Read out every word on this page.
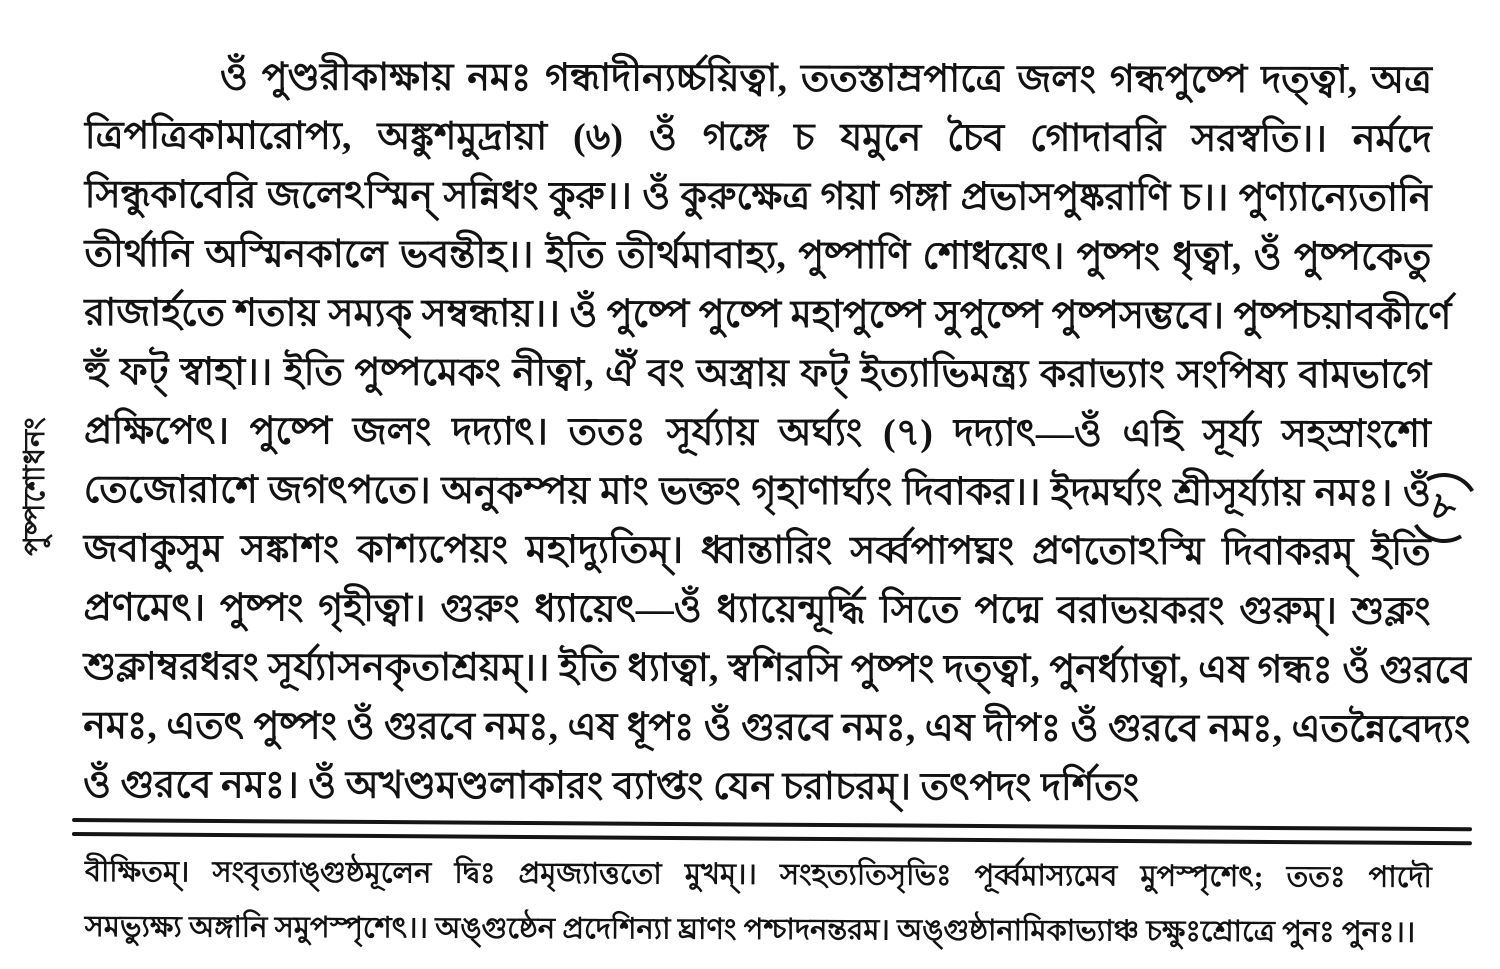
পুষ্পশোধনং	৮
ওঁ পুণ্ডরীকাক্ষায় নমঃ গন্ধাদীন্যর্চ্চয়িত্বা, ততস্তাম্রপাত্রে জলং গন্ধপুষ্পে দত্ত্বা, অত্র
ত্রিপত্রিকামারোপ্য, অঙ্কুশমুদ্রায়া (৬) ওঁ গঙ্গে চ যমুনে চৈব গোদাবরি সরস্বতি।। নর্মদে
সিন্ধুকাবেরি জলেঽস্মিন্ সন্নিধং কুরু।। ওঁ কুরুক্ষেত্র গয়া গঙ্গা প্রভাসপুষ্করাণি চ।। পুণ্যান্যেতানি
তীর্থানি অস্মিনকালে ভবন্তীহ।। ইতি তীর্থমাবাহ্য, পুষ্পাণি শোধয়েৎ। পুষ্পং ধৃত্বা, ওঁ পুষ্পকেতু
রাজার্হতে শতায় সম্যক্ সম্বন্ধায়।। ওঁ পুষ্পে পুষ্পে মহাপুষ্পে সুপুষ্পে পুষ্পসম্ভবে। পুষ্পচয়াবকীর্ণে
হুঁ ফট্ স্বাহা।। ইতি পুষ্পমেকং নীত্বা, ঐঁ বং অস্ত্রায় ফট্ ইত্যাভিমন্ত্র্য করাভ্যাং সংপিষ্য বামভাগে
প্রক্ষিপেৎ। পুষ্পে জলং দদ্যাৎ। ততঃ সূর্য্যায় অর্ঘ্যং (৭) দদ্যাৎ—ওঁ এহি সূর্য্য সহস্রাংশো
তেজোরাশে জগৎপতে। অনুকম্পয় মাং ভক্তং গৃহাণার্ঘ্যং দিবাকর।। ইদমর্ঘ্যং শ্রীসূর্য্যায় নমঃ। ওঁ
জবাকুসুম সঙ্কাশং কাশ্যপেয়ং মহাদ্যুতিম্। ধ্বান্তারিং সর্ব্বপাপঘ্নং প্রণতোঽস্মি দিবাকরম্ ইতি
প্রণমেৎ। পুষ্পং গৃহীত্বা। গুরুং ধ্যায়েৎ—ওঁ ধ্যায়েন্মূর্দ্ধি সিতে পদ্মে বরাভয়করং গুরুম্। শুক্লং
শুক্লাম্বরধরং সূর্য্যাসনকৃতাশ্রয়ম্।। ইতি ধ্যাত্বা, স্বশিরসি পুষ্পং দত্ত্বা, পুনর্ধ্যাত্বা, এষ গন্ধঃ ওঁ গুরবে
নমঃ, এতৎ পুষ্পং ওঁ গুরবে নমঃ, এষ ধূপঃ ওঁ গুরবে নমঃ, এষ দীপঃ ওঁ গুরবে নমঃ, এতন্নৈবেদ্যং
ওঁ গুরবে নমঃ। ওঁ অখণ্ডমণ্ডলাকারং ব্যাপ্তং যেন চরাচরম্। তৎপদং দর্শিতং
বীক্ষিতম্। সংবৃত্যাঙ্গুষ্ঠমূলেন দ্বিঃ প্রমৃজ্যাত্ততো মুখম্।। সংহত্যতিসৃভিঃ পূর্ব্বমাস্যমেব মুপস্পৃশেৎ; ততঃ পাদৌ
সমভ্যুক্ষ্য অঙ্গানি সমুপস্পৃশেৎ।। অঙ্গুষ্ঠেন প্রদেশিন্যা ঘ্রাণং পশ্চাদনন্তরম। অঙ্গুষ্ঠানামিকাভ্যাঞ্চ চক্ষুঃশ্রোত্রে পুনঃ পুনঃ।।
